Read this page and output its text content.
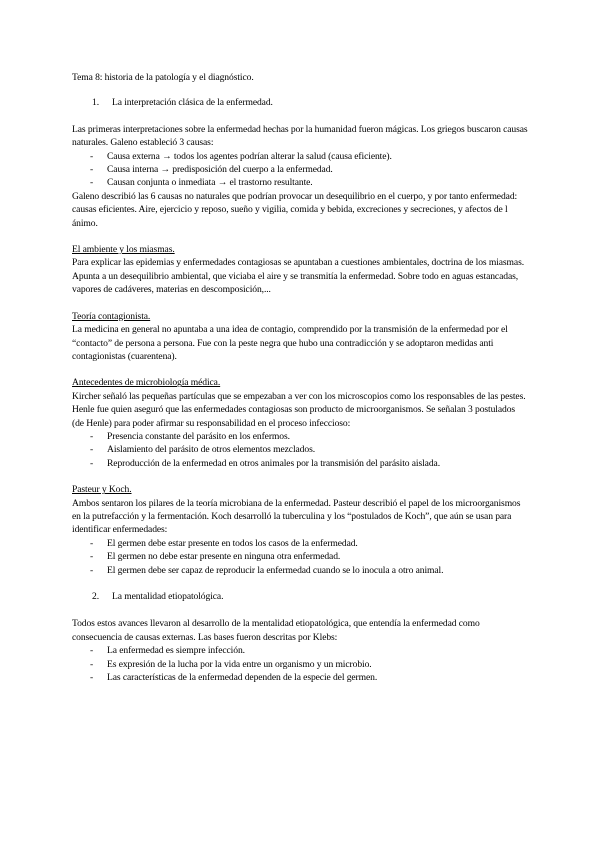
Tema 8: historia de la patología y el diagnóstico.

1. La interpretación clásica de la enfermedad.

Las primeras interpretaciones sobre la enfermedad hechas por la humanidad fueron mágicas. Los griegos buscaron causas naturales. Galeno estableció 3 causas:

- Causa externa → todos los agentes podrían alterar la salud (causa eficiente).
- Causa interna → predisposición del cuerpo a la enfermedad.
- Causan conjunta o inmediata → el trastorno resultante.

Galeno describió las 6 causas no naturales que podrían provocar un desequilibrio en el cuerpo, y por tanto enfermedad: causas eficientes. Aire, ejercicio y reposo, sueño y vigilia, comida y bebida, excreciones y secreciones, y afectos de l ánimo.

El ambiente y los miasmas.

Para explicar las epidemias y enfermedades contagiosas se apuntaban a cuestiones ambientales, doctrina de los miasmas. Apunta a un desequilibrio ambiental, que viciaba el aire y se transmitía la enfermedad. Sobre todo en aguas estancadas, vapores de cadáveres, materias en descomposición,...

Teoría contagionista.

La medicina en general no apuntaba a una idea de contagio, comprendido por la transmisión de la enfermedad por el “contacto” de persona a persona. Fue con la peste negra que hubo una contradicción y se adoptaron medidas anti contagionistas (cuarentena).

Antecedentes de microbiología médica.

Kircher señaló las pequeñas partículas que se empezaban a ver con los microscopios como los responsables de las pestes. Henle fue quien aseguró que las enfermedades contagiosas son producto de microorganismos. Se señalan 3 postulados (de Henle) para poder afirmar su responsabilidad en el proceso infeccioso:

- Presencia constante del parásito en los enfermos.
- Aislamiento del parásito de otros elementos mezclados.
- Reproducción de la enfermedad en otros animales por la transmisión del parásito aislada.

Pasteur y Koch.

Ambos sentaron los pilares de la teoría microbiana de la enfermedad. Pasteur describió el papel de los microorganismos en la putrefacción y la fermentación. Koch desarrolló la tuberculina y los “postulados de Koch”, que aún se usan para identificar enfermedades:

- El germen debe estar presente en todos los casos de la enfermedad.
- El germen no debe estar presente en ninguna otra enfermedad.
- El germen debe ser capaz de reproducir la enfermedad cuando se lo inocula a otro animal.

2. La mentalidad etiopatológica.

Todos estos avances llevaron al desarrollo de la mentalidad etiopatológica, que entendía la enfermedad como consecuencia de causas externas. Las bases fueron descritas por Klebs:

- La enfermedad es siempre infección.
- Es expresión de la lucha por la vida entre un organismo y un microbio.
- Las características de la enfermedad dependen de la especie del germen.
